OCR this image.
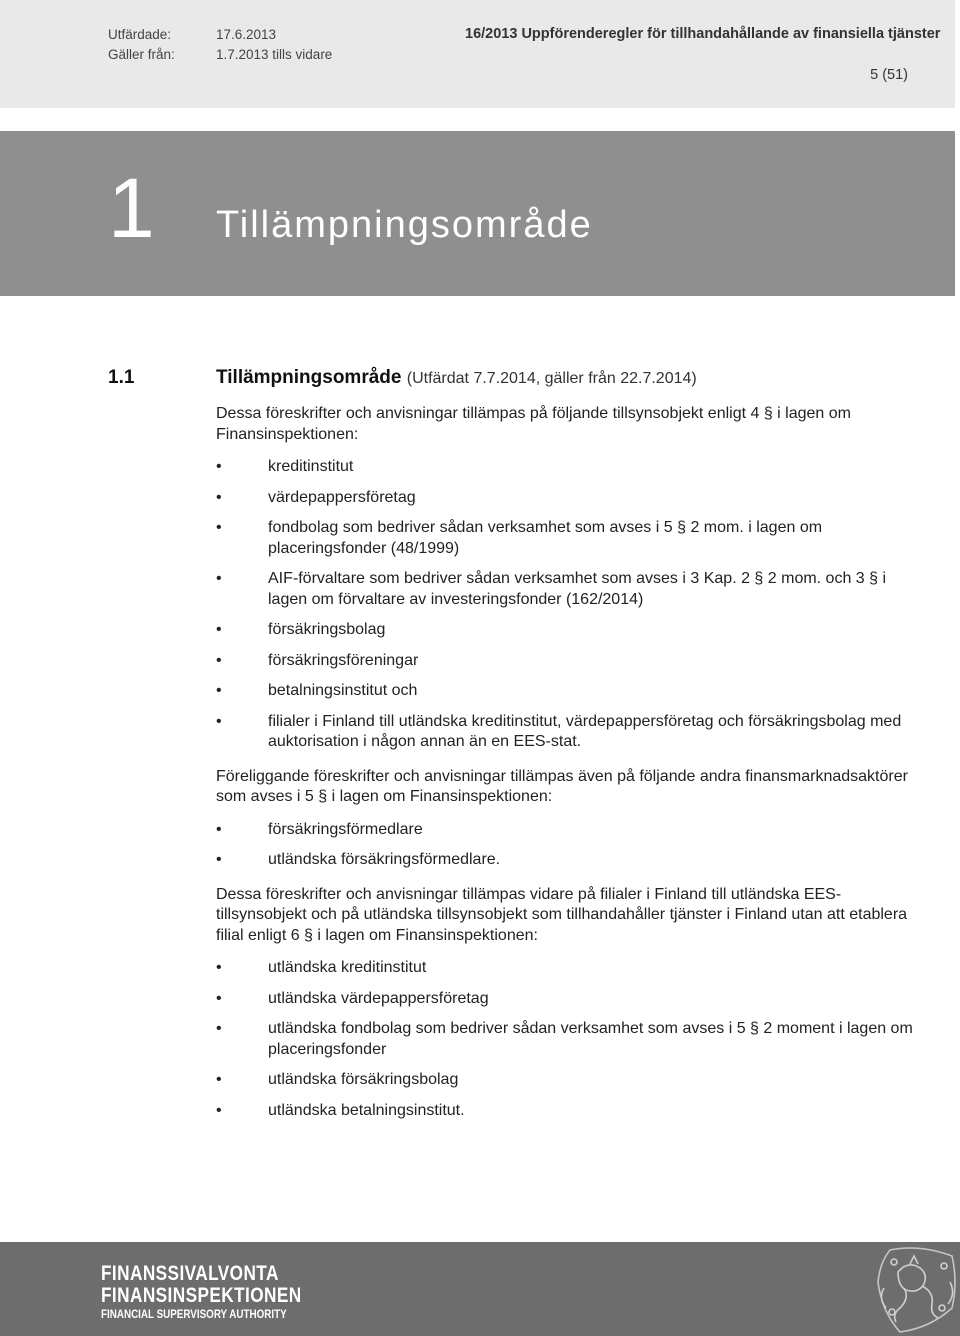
Utfärdade:	17.6.2013
Gäller från:	1.7.2013 tills vidare
16/2013 Uppförenderegler för tillhandahållande av finansiella tjänster
5 (51)
1 Tillämpningsområde
1.1	Tillämpningsområde (Utfärdat 7.7.2014, gäller från 22.7.2014)

Dessa föreskrifter och anvisningar tillämpas på följande tillsynsobjekt enligt 4 § i lagen om Finansinspektionen:

• kreditinstitut
• värdepappersföretag
• fondbolag som bedriver sådan verksamhet som avses i 5 § 2 mom. i lagen om placeringsfonder (48/1999)
• AIF-förvaltare som bedriver sådan verksamhet som avses i 3 Kap. 2 § 2 mom. och 3 § i lagen om förvaltare av investeringsfonder (162/2014)
• försäkringsbolag
• försäkringsföreningar
• betalningsinstitut och
• filialer i Finland till utländska kreditinstitut, värdepappersföretag och försäkringsbolag med auktorisation i någon annan än en EES-stat.

Föreliggande föreskrifter och anvisningar tillämpas även på följande andra finansmarknadsaktörer som avses i 5 § i lagen om Finansinspektionen:

• försäkringsförmedlare
• utländska försäkringsförmedlare.

Dessa föreskrifter och anvisningar tillämpas vidare på filialer i Finland till utländska EES-tillsynsobjekt och på utländska tillsynsobjekt som tillhandahåller tjänster i Finland utan att etablera filial enligt 6 § i lagen om Finansinspektionen:

• utländska kreditinstitut
• utländska värdepappersföretag
• utländska fondbolag som bedriver sådan verksamhet som avses i 5 § 2 moment i lagen om placeringsfonder
• utländska försäkringsbolag
• utländska betalningsinstitut.
FINANSSIVALVONTA
FINANSINSPEKTIONEN
FINANCIAL SUPERVISORY AUTHORITY
